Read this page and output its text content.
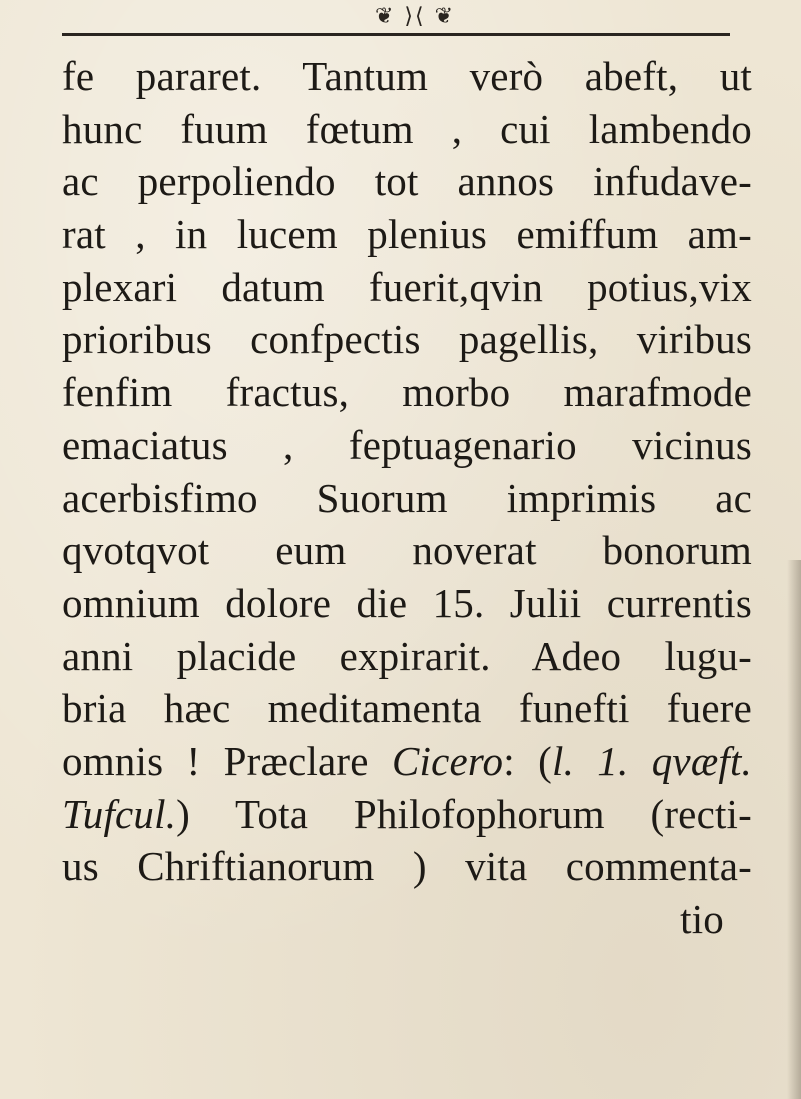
❦ ⟩⟨ ❦
fe pararet. Tantum verò abeft, ut
hunc fuum fœtum , cui lambendo
ac perpoliendo tot annos infudave-
rat , in lucem plenius emiffum am-
plexari datum fuerit,qvin potius,vix
prioribus confpectis pagellis, viribus
fenfim fractus, morbo marafmode
emaciatus , feptuagenario vicinus
acerbisfimo Suorum imprimis ac
qvotqvot eum noverat bonorum
omnium dolore die 15. Julii currentis
anni placide expirarit. Adeo lugu-
bria hæc meditamenta funefti fuere
omnis ! Præclare Cicero: (l. 1. qvæft.
Tufcul.) Tota Philofophorum (recti-
us Chriftianorum ) vita commenta-
tio
